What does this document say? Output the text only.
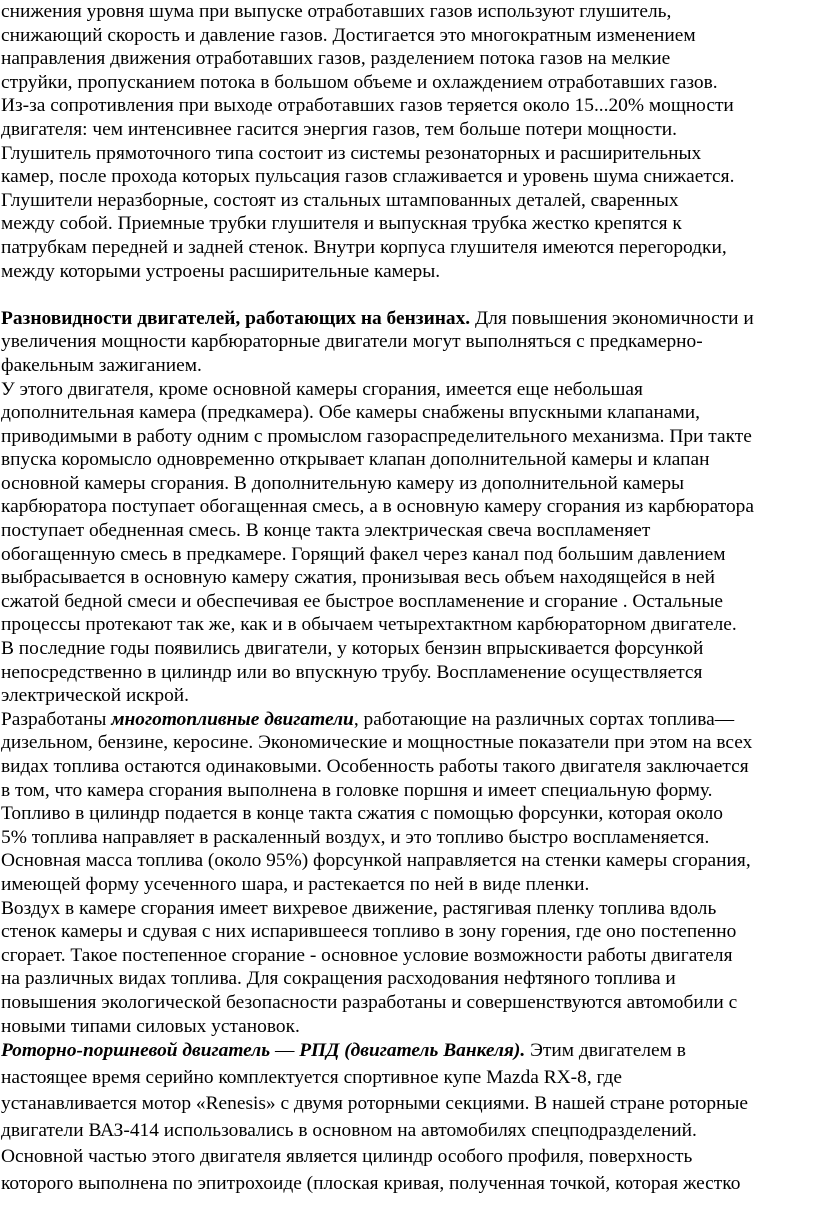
снижения уровня шума при выпуске отработавших газов используют глушитель,
снижающий скорость и давление газов. Достигается это многократным изменением
направления движения отработавших газов, разделением потока газов на мелкие
струйки, пропусканием потока в большом объеме и охлаждением отработавших газов.
Из-за сопротивления при выходе отработавших газов теряется около 15...20% мощности
двигателя: чем интенсивнее гасится энергия газов, тем больше потери мощности.
Глушитель прямоточного типа состоит из системы резонаторных и расширительных
камер, после прохода которых пульсация газов сглаживается и уровень шума снижается.
Глушители неразборные, состоят из стальных штампованных деталей, сваренных
между собой. Приемные трубки глушителя и выпускная трубка жестко крепятся к
патрубкам передней и задней стенок. Внутри корпуса глушителя имеются перегородки,
между которыми устроены расширительные камеры.
Разновидности двигателей, работающих на бензинах. Для повышения экономичности и
увеличения мощности карбюраторные двигатели могут выполняться с предкамерно-
факельным зажиганием.
У этого двигателя, кроме основной камеры сгорания, имеется еще небольшая
дополнительная камера (предкамера). Обе камеры снабжены впускными клапанами,
приводимыми в работу одним с промыслом газораспределительного механизма. При такте
впуска коромысло одновременно открывает клапан дополнительной камеры и клапан
основной камеры сгорания. В дополнительную камеру из дополнительной камеры
карбюратора поступает обогащенная смесь, а в основную камеру сгорания из карбюратора
поступает обедненная смесь. В конце такта электрическая свеча воспламеняет
обогащенную смесь в предкамере. Горящий факел через канал под большим давлением
выбрасывается в основную камеру сжатия, пронизывая весь объем находящейся в ней
сжатой бедной смеси и обеспечивая ее быстрое воспламенение и сгорание . Остальные
процессы протекают так же, как и в обычаем четырехтактном карбюраторном двигателе.
В последние годы появились двигатели, у которых бензин впрыскивается форсункой
непосредственно в цилиндр или во впускную трубу. Воспламенение осуществляется
электрической искрой.
Разработаны многотопливные двигатели, работающие на различных сортах топлива—
дизельном, бензине, керосине. Экономические и мощностные показатели при этом на всех
видах топлива остаются одинаковыми. Особенность работы такого двигателя заключается
в том, что камера сгорания выполнена в головке поршня и имеет специальную форму.
Топливо в цилиндр подается в конце такта сжатия с помощью форсунки, которая около
5% топлива направляет в раскаленный воздух, и это топливо быстро воспламеняется.
Основная масса топлива (около 95%) форсункой направляется на стенки камеры сгорания,
имеющей форму усеченного шара, и растекается по ней в виде пленки.
Воздух в камере сгорания имеет вихревое движение, растягивая пленку топлива вдоль
стенок камеры и сдувая с них испарившееся топливо в зону горения, где оно постепенно
сгорает. Такое постепенное сгорание - основное условие возможности работы двигателя
на различных видах топлива. Для сокращения расходования нефтяного топлива и
повышения экологической безопасности разработаны и совершенствуются автомобили с
новыми типами силовых установок.
Роторно-поршневой двигатель — РПД (двигатель Ванкеля). Этим двигателем в
настоящее время серийно комплектуется спортивное купе Mazda RX-8, где
устанавливается мотор «Renesis» с двумя роторными секциями. В нашей стране роторные
двигатели ВАЗ-414 использовались в основном на автомобилях спецподразделений.
Основной частью этого двигателя является цилиндр особого профиля, поверхность
которого выполнена по эпитрохоиде (плоская кривая, полученная точкой, которая жестко
